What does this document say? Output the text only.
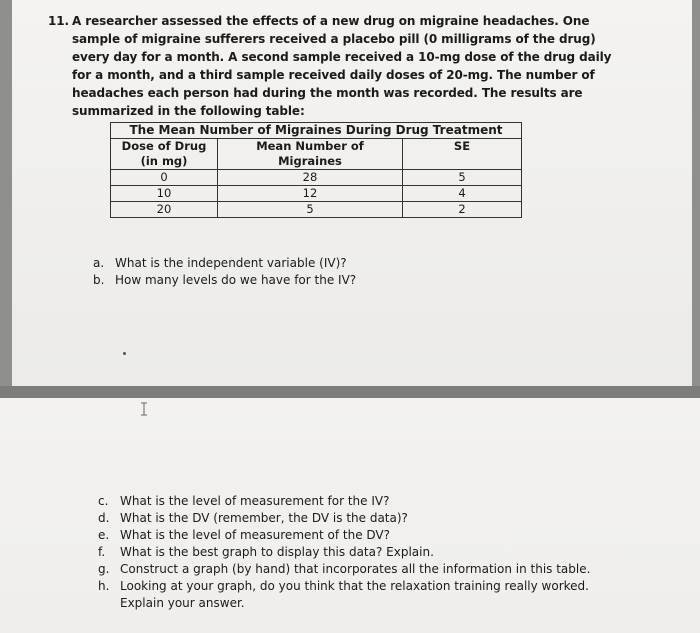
11. A researcher assessed the effects of a new drug on migraine headaches. One sample of migraine sufferers received a placebo pill (0 milligrams of the drug) every day for a month. A second sample received a 10-mg dose of the drug daily for a month, and a third sample received daily doses of 20-mg. The number of headaches each person had during the month was recorded. The results are summarized in the following table:
The Mean Number of Migraines During Drug Treatment		
Dose of Drug	Mean Number of	SE
(in mg)	Migraines	
0	28	5
10	12	4
20	5	2
a. What is the independent variable (IV)?
b. How many levels do we have for the IV?
c. What is the level of measurement for the IV?
d. What is the DV (remember, the DV is the data)?
e. What is the level of measurement of the DV?
f. What is the best graph to display this data? Explain.
g. Construct a graph (by hand) that incorporates all the information in this table.
h. Looking at your graph, do you think that the relaxation training really worked. Explain your answer.
